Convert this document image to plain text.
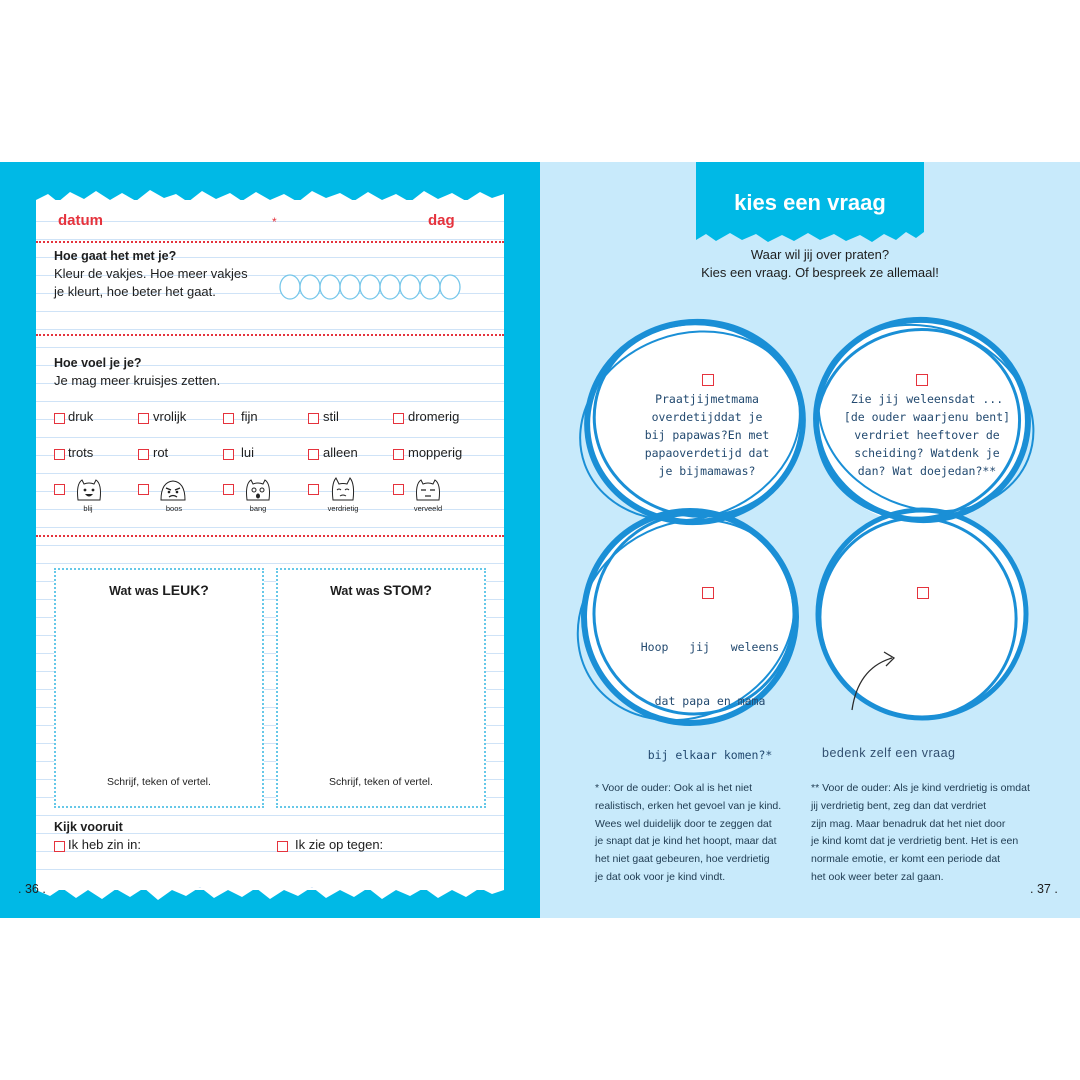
datum	*	dag
Hoe gaat het met je?
Kleur de vakjes. Hoe meer vakjes
je kleurt, hoe beter het gaat.
Hoe voel je je?
Je mag meer kruisjes zetten.
druk	vrolijk	fijn	stil	dromerig
trots	rot	lui	alleen	mopperig
blij	boos	bang	verdrietig	verveeld
Wat was LEUK?
Schrijf, teken of vertel.
Wat was STOM?
Schrijf, teken of vertel.
Kijk vooruit
Ik heb zin in:	Ik zie op tegen:
. 36 .
kies een vraag
Waar wil jij over praten?
Kies een vraag. Of bespreek ze allemaal!
Praatjijmetmama
overdetijddat je
bij papawas?En met
papaoverdetijd dat
je bijmamawas?
Zie jij weleensdat ...
[de ouder waarjenu bent]
verdriet heeftover de
scheiding? Watdenk je
dan? Wat doejedan?**

Hoop   jij   weleens

dat papa en mama

bij elkaar komen?*

	bedenk zelf een vraag
* Voor de ouder: Ook al is het niet
realistisch, erken het gevoel van je kind.
Wees wel duidelijk door te zeggen dat
je snapt dat je kind het hoopt, maar dat
het niet gaat gebeuren, hoe verdrietig
je dat ook voor je kind vindt.
** Voor de ouder: Als je kind verdrietig is omdat
jij verdrietig bent, zeg dan dat verdriet
zijn mag. Maar benadruk dat het niet door
je kind komt dat je verdrietig bent. Het is een
normale emotie, er komt een periode dat
het ook weer beter zal gaan.
. 37 .
